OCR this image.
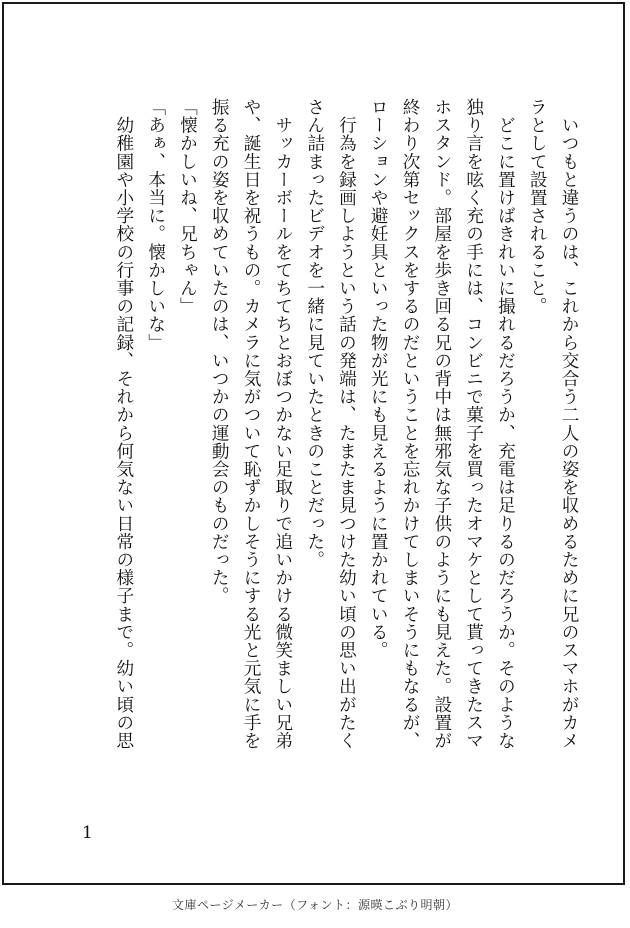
　いつもと違うのは、これから交合う二人の姿を収めるために兄のスマホがカメ
ラとして設置されること。
　どこに置けばきれいに撮れるだろうか、充電は足りるのだろうか。そのような
独り言を呟く充の手には、コンビニで菓子を買ったオマケとして貰ってきたスマ
ホスタンド。部屋を歩き回る兄の背中は無邪気な子供のようにも見えた。設置が
終わり次第セックスをするのだということを忘れかけてしまいそうにもなるが、
ローションや避妊具といった物が光にも見えるように置かれている。
　行為を録画しようという話の発端は、たまたま見つけた幼い頃の思い出がたく
さん詰まったビデオを一緒に見ていたときのことだった。
　サッカーボールをてちてちとおぼつかない足取りで追いかける微笑ましい兄弟
や、誕生日を祝うもの。カメラに気がついて恥ずかしそうにする光と元気に手を
振る充の姿を収めていたのは、いつかの運動会のものだった。
「懐かしいね、兄ちゃん」
「あぁ、本当に。懐かしいな」
　幼稚園や小学校の行事の記録、それから何気ない日常の様子まで。幼い頃の思
1
文庫ページメーカー（フォント：源暎こぶり明朝）
